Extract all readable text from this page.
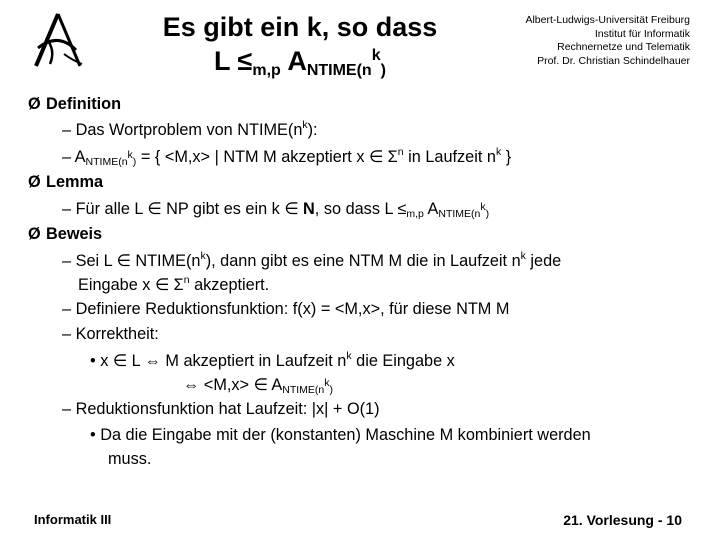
Es gibt ein k, so dass
$L \le_{m,p}$ $A_{NTIME(n}^k_)$
Albert-Ludwigs-Universität Freiburg
Institut für Informatik
Rechnernetze und Telematik
Prof. Dr. Christian Schindelhauer
Ø Definition
– Das Wortproblem von $NTIME(n^k)$:
– $A_{NTIME(n^k)}$ = { <M,x> | NTM M akzeptiert x ∈ $\Sigma^n$ in Laufzeit $n^k$ }
Ø Lemma
– Für alle L ∈ NP gibt es ein k ∈ N, so dass $L \le_{m,p}$ $A_{NTIME(n^k)}$
Ø Beweis
– Sei L ∈ $NTIME(n^k)$, dann gibt es eine NTM M die in Laufzeit $n^k$ jede
Eingabe x ∈ $\Sigma^n$ akzeptiert.
– Definiere Reduktionsfunktion: f(x) = <M,x>, für diese NTM M
– Korrektheit:
• x ∈ L ⇔ M akzeptiert in Laufzeit $n^k$ die Eingabe x
⇔ <M,x> ∈ $A_{NTIME(n^k)}$
– Reduktionsfunktion hat Laufzeit: |x| + O(1)
• Da die Eingabe mit der (konstanten) Maschine M kombiniert werden
muss.
Informatik III	21. Vorlesung - 10
